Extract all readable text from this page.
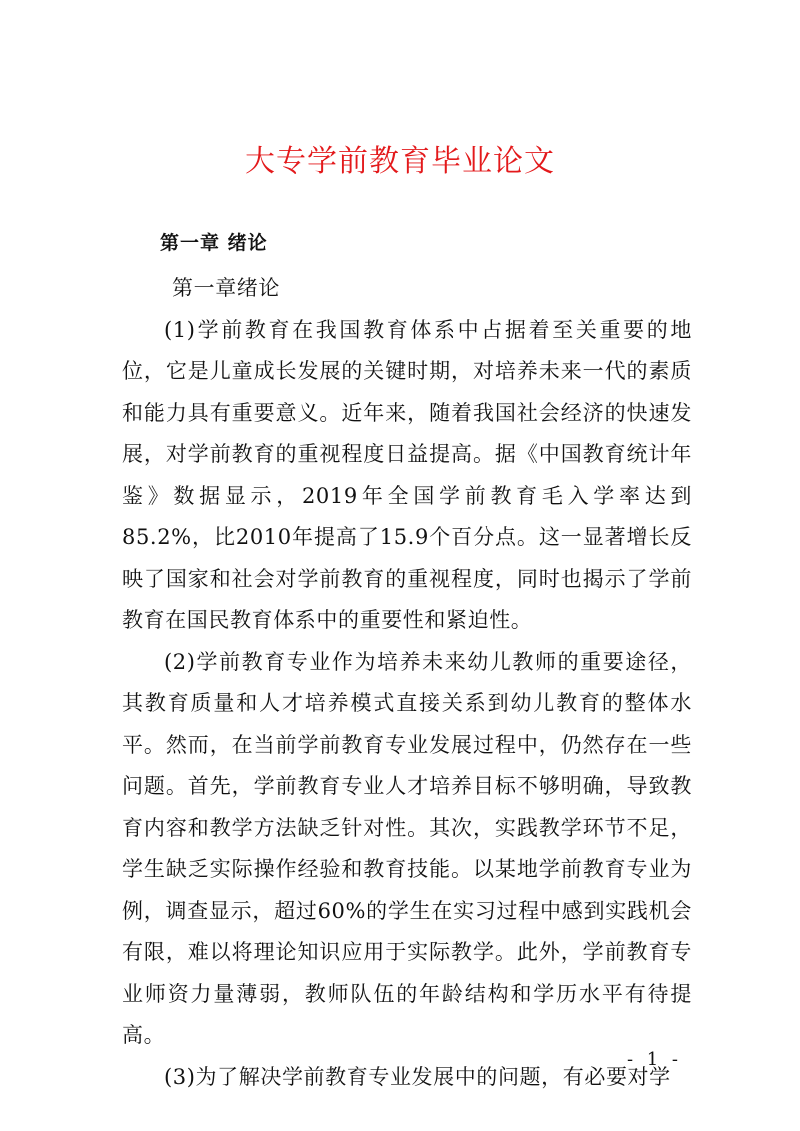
大专学前教育毕业论文
第一章 绪论

第一章绪论

(1)学前教育在我国教育体系中占据着至关重要的地位，它是儿童成长发展的关键时期，对培养未来一代的素质和能力具有重要意义。近年来，随着我国社会经济的快速发展，对学前教育的重视程度日益提高。据《中国教育统计年鉴》数据显示，2019年全国学前教育毛入学率达到85.2%，比2010年提高了15.9个百分点。这一显著增长反映了国家和社会对学前教育的重视程度，同时也揭示了学前教育在国民教育体系中的重要性和紧迫性。

(2)学前教育专业作为培养未来幼儿教师的重要途径，其教育质量和人才培养模式直接关系到幼儿教育的整体水平。然而，在当前学前教育专业发展过程中，仍然存在一些问题。首先，学前教育专业人才培养目标不够明确，导致教育内容和教学方法缺乏针对性。其次，实践教学环节不足，学生缺乏实际操作经验和教育技能。以某地学前教育专业为例，调查显示，超过60%的学生在实习过程中感到实践机会有限，难以将理论知识应用于实际教学。此外，学前教育专业师资力量薄弱，教师队伍的年龄结构和学历水平有待提高。

(3)为了解决学前教育专业发展中的问题，有必要对学

- 1 -
